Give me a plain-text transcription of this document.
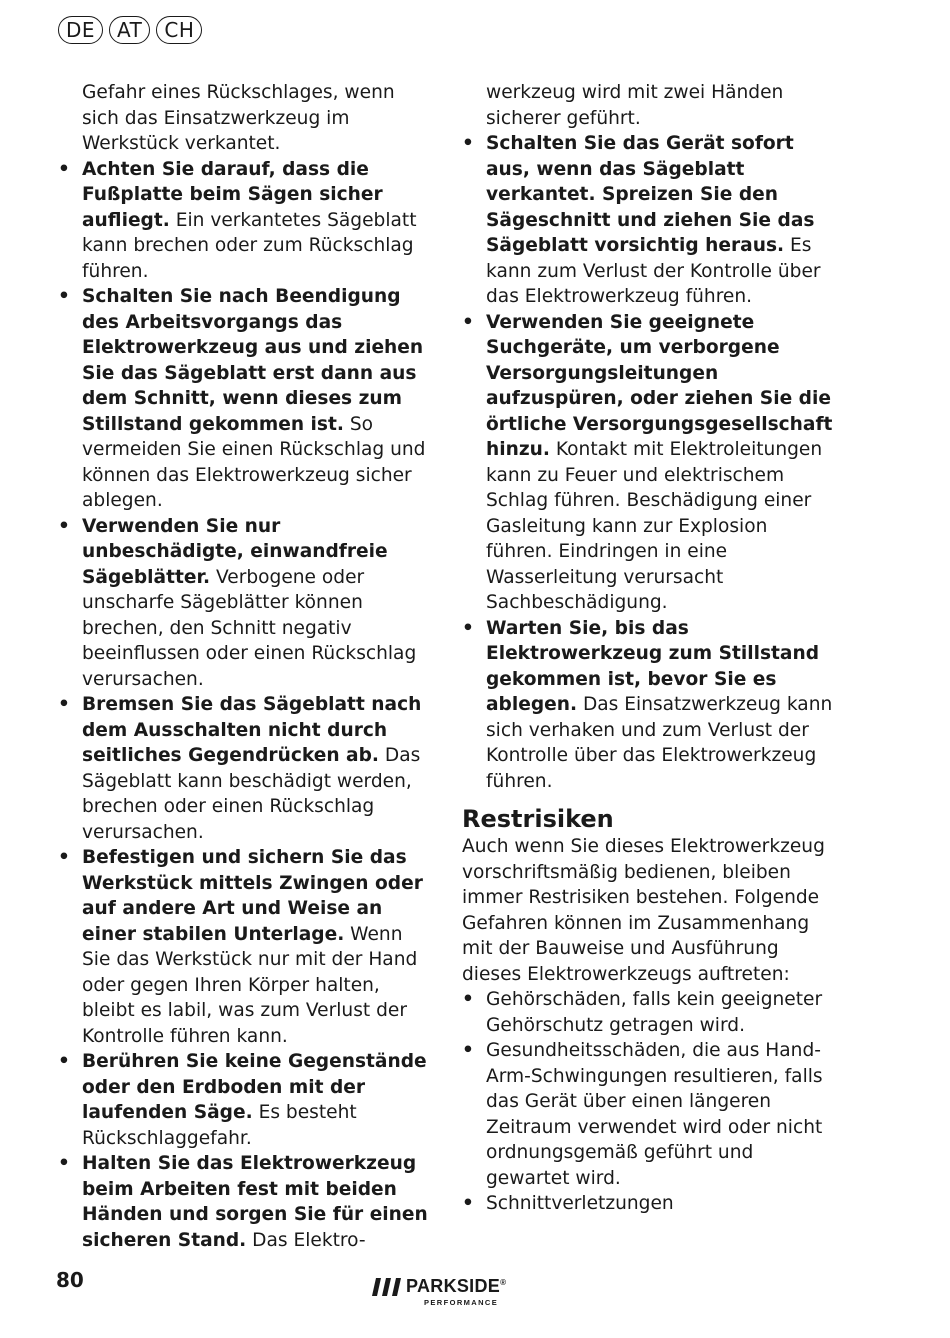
DE	AT	CH
Gefahr eines Rückschlages, wenn sich das Einsatzwerkzeug im Werkstück verkantet.
• Achten Sie darauf, dass die Fußplatte beim Sägen sicher aufliegt. Ein verkantetes Sägeblatt kann brechen oder zum Rückschlag führen.
• Schalten Sie nach Beendigung des Arbeitsvorgangs das Elektrowerkzeug aus und ziehen Sie das Sägeblatt erst dann aus dem Schnitt, wenn dieses zum Stillstand gekommen ist. So vermeiden Sie einen Rückschlag und können das Elektrowerkzeug sicher ablegen.
• Verwenden Sie nur unbeschädigte, einwandfreie Sägeblätter. Verbogene oder unscharfe Sägeblätter können brechen, den Schnitt negativ beeinflussen oder einen Rückschlag verursachen.
• Bremsen Sie das Sägeblatt nach dem Ausschalten nicht durch seitliches Gegendrücken ab. Das Sägeblatt kann beschädigt werden, brechen oder einen Rückschlag verursachen.
• Befestigen und sichern Sie das Werkstück mittels Zwingen oder auf andere Art und Weise an einer stabilen Unterlage. Wenn Sie das Werkstück nur mit der Hand oder gegen Ihren Körper halten, bleibt es labil, was zum Verlust der Kontrolle führen kann.
• Berühren Sie keine Gegenstände oder den Erdboden mit der laufenden Säge. Es besteht Rückschlaggefahr.
• Halten Sie das Elektrowerkzeug beim Arbeiten fest mit beiden Händen und sorgen Sie für einen sicheren Stand. Das Elektro-
werkzeug wird mit zwei Händen sicherer geführt.
• Schalten Sie das Gerät sofort aus, wenn das Sägeblatt verkantet. Spreizen Sie den Sägeschnitt und ziehen Sie das Sägeblatt vorsichtig heraus. Es kann zum Verlust der Kontrolle über das Elektrowerkzeug führen.
• Verwenden Sie geeignete Suchgeräte, um verborgene Versorgungsleitungen aufzuspüren, oder ziehen Sie die örtliche Versorgungsgesellschaft hinzu. Kontakt mit Elektroleitungen kann zu Feuer und elektrischem Schlag führen. Beschädigung einer Gasleitung kann zur Explosion führen. Eindringen in eine Wasserleitung verursacht Sachbeschädigung.
• Warten Sie, bis das Elektrowerkzeug zum Stillstand gekommen ist, bevor Sie es ablegen. Das Einsatzwerkzeug kann sich verhaken und zum Verlust der Kontrolle über das Elektrowerkzeug führen.
Restrisiken
Auch wenn Sie dieses Elektrowerkzeug vorschriftsmäßig bedienen, bleiben immer Restrisiken bestehen. Folgende Gefahren können im Zusammenhang mit der Bauweise und Ausführung dieses Elektrowerkzeugs auftreten:
• Gehörschäden, falls kein geeigneter Gehörschutz getragen wird.
• Gesundheitsschäden, die aus Hand-Arm-Schwingungen resultieren, falls das Gerät über einen längeren Zeitraum verwendet wird oder nicht ordnungsgemäß geführt und gewartet wird.
• Schnittverletzungen
80	PARKSIDE®
PERFORMANCE
